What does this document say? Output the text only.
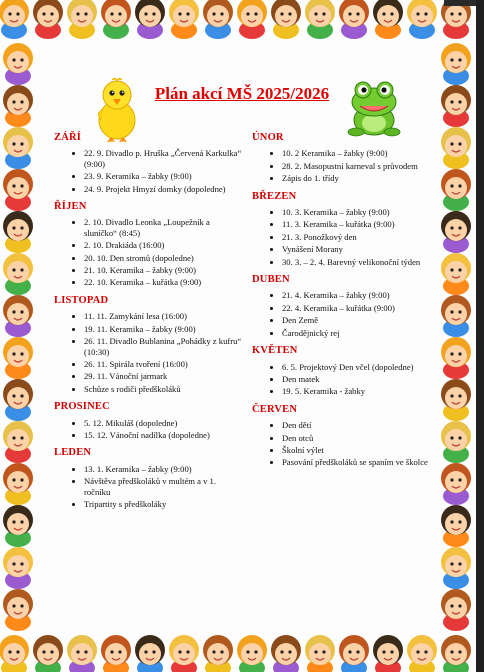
Plán akcí MŠ 2025/2026
ZÁŘÍ
• 22. 9. Divadlo p. Hruška „Červená Karkulka“ (9:00)
• 23. 9. Keramika – žabky (9:00)
• 24. 9. Projekt Hmyzí domky (dopoledne)
ŘÍJEN
• 2. 10. Divadlo Leonka „Loupežník a sluníčko“ (8:45)
• 2. 10. Drakiáda (16:00)
• 20. 10. Den stromů (dopoledne)
• 21. 10. Keramika – žabky (9:00)
• 22. 10. Keramika – kuřátka (9:00)
LISTOPAD
• 11. 11. Zamykání lesa (16:00)
• 19. 11. Keramika – žabky (9:00)
• 26. 11. Divadlo Bublanina „Pohádky z kufru“ (10:30)
• 26. 11. Spirála tvoření (16:00)
• 29. 11. Vánoční jarmark
• Schůze s rodiči předškoláků
PROSINEC
• 5. 12. Mikuláš (dopoledne)
• 15. 12. Vánoční nadílka (dopoledne)
LEDEN
• 13. 1. Keramika – žabky (9:00)
• Návštěva předškoláků v multém a v 1. ročníku
• Tripartity s předškoláky
ÚNOR
• 10. 2 Keramika – žabky (9:00)
• 28. 2. Masopustní karneval s průvodem
• Zápis do 1. třídy
BŘEZEN
• 10. 3. Keramika – žabky (9:00)
• 11. 3. Keramika – kuřátka (9:00)
• 21. 3. Ponožkový den
• Vynášení Morany
• 30. 3. – 2. 4. Barevný velikonoční týden
DUBEN
• 21. 4. Keramika – žabky (9:00)
• 22. 4. Keramika – kuřátka (9:00)
• Den Země
• Čarodějnický rej
KVĚTEN
• 6. 5. Projektový Den včel (dopoledne)
• Den matek
• 19. 5. Keramika - žabky
ČERVEN
• Den dětí
• Den otců
• Školní výlet
• Pasování předškoláků se spaním ve školce
